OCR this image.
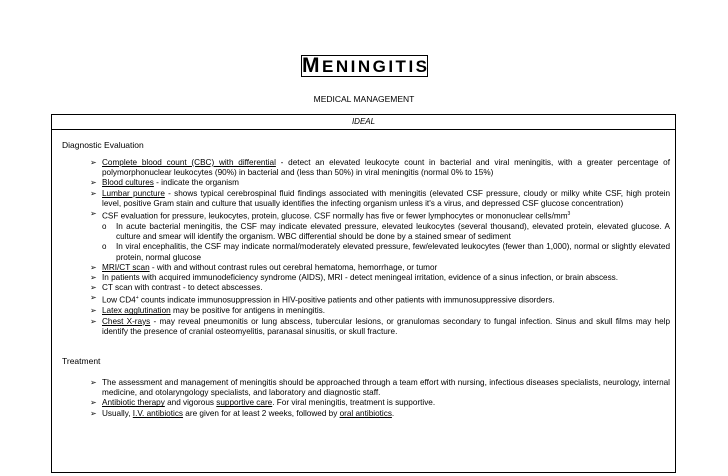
MENINGITIS
MEDICAL MANAGEMENT
IDEAL
Diagnostic Evaluation
➢ Complete blood count (CBC) with differential - detect an elevated leukocyte count in bacterial and viral meningitis, with a greater percentage of polymorphonuclear leukocytes (90%) in bacterial and (less than 50%) in viral meningitis (normal 0% to 15%)
➢ Blood cultures - indicate the organism
➢ Lumbar puncture - shows typical cerebrospinal fluid findings associated with meningitis (elevated CSF pressure, cloudy or milky white CSF, high protein level, positive Gram stain and culture that usually identifies the infecting organism unless it's a virus, and depressed CSF glucose concentration)
➢ CSF evaluation for pressure, leukocytes, protein, glucose. CSF normally has five or fewer lymphocytes or mononuclear cells/$mm^3$
o In acute bacterial meningitis, the CSF may indicate elevated pressure, elevated leukocytes (several thousand), elevated protein, elevated glucose. A culture and smear will identify the organism. WBC differential should be done by a stained smear of sediment
o In viral encephalitis, the CSF may indicate normal/moderately elevated pressure, few/elevated leukocytes (fewer than 1,000), normal or slightly elevated protein, normal glucose
➢ MRI/CT scan - with and without contrast rules out cerebral hematoma, hemorrhage, or tumor
➢ In patients with acquired immunodeficiency syndrome (AIDS), MRI - detect meningeal irritation, evidence of a sinus infection, or brain abscess.
➢ CT scan with contrast - to detect abscesses.
➢ Low CD4+ counts indicate immunosuppression in HIV-positive patients and other patients with immunosuppressive disorders.
➢ Latex agglutination may be positive for antigens in meningitis.
➢ Chest X-rays - may reveal pneumonitis or lung abscess, tubercular lesions, or granulomas secondary to fungal infection. Sinus and skull films may help identify the presence of cranial osteomyelitis, paranasal sinusitis, or skull fracture.
Treatment
➢ The assessment and management of meningitis should be approached through a team effort with nursing, infectious diseases specialists, neurology, internal medicine, and otolaryngology specialists, and laboratory and diagnostic staff.
➢ Antibiotic therapy and vigorous supportive care. For viral meningitis, treatment is supportive.
➢ Usually, I.V. antibiotics are given for at least 2 weeks, followed by oral antibiotics.
